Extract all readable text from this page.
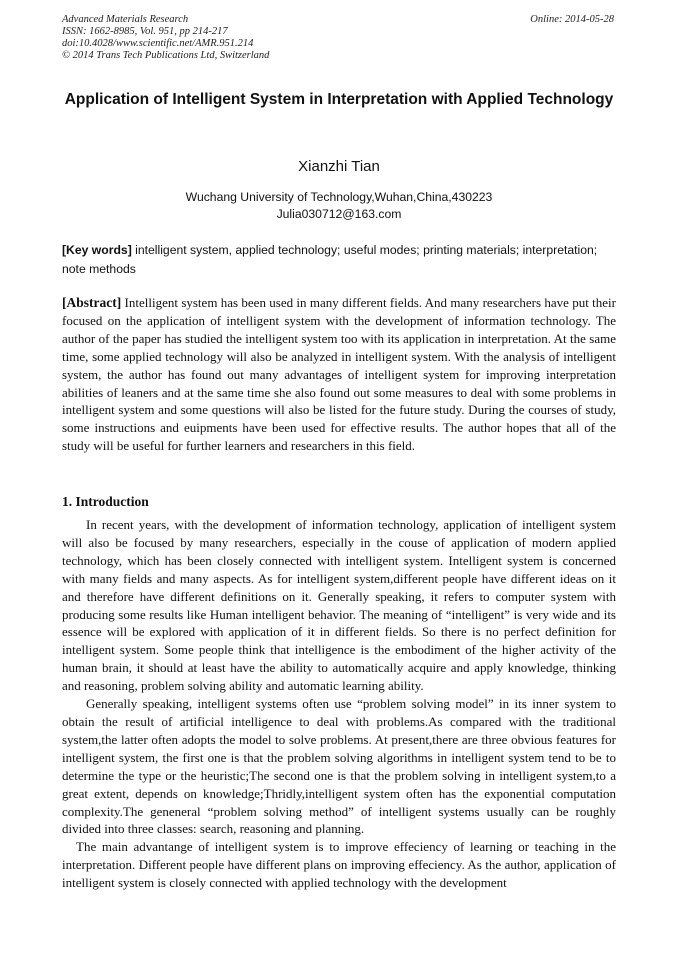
Advanced Materials Research
ISSN: 1662-8985, Vol. 951, pp 214-217
doi:10.4028/www.scientific.net/AMR.951.214
© 2014 Trans Tech Publications Ltd, Switzerland
Online: 2014-05-28
Application of Intelligent System in Interpretation with Applied Technology
Xianzhi Tian
Wuchang University of Technology,Wuhan,China,430223
Julia030712@163.com
[Key words] intelligent system, applied technology; useful modes; printing materials; interpretation; note methods
[Abstract] Intelligent system has been used in many different fields. And many researchers have put their focused on the application of intelligent system with the development of information technology. The author of the paper has studied the intelligent system too with its application in interpretation. At the same time, some applied technology will also be analyzed in intelligent system. With the analysis of intelligent system, the author has found out many advantages of intelligent system for improving interpretation abilities of leaners and at the same time she also found out some measures to deal with some problems in intelligent system and some questions will also be listed for the future study. During the courses of study, some instructions and euipments have been used for effective results. The author hopes that all of the study will be useful for further learners and researchers in this field.
1. Introduction

In recent years, with the development of information technology, application of intelligent system will also be focused by many researchers, especially in the couse of application of modern applied technology, which has been closely connected with intelligent system. Intelligent system is concerned with many fields and many aspects. As for intelligent system,different people have different ideas on it and therefore have different definitions on it. Generally speaking, it refers to computer system with producing some results like Human intelligent behavior. The meaning of “intelligent” is very wide and its essence will be explored with application of it in different fields. So there is no perfect definition for intelligent system. Some people think that intelligence is the embodiment of the higher activity of the human brain, it should at least have the ability to automatically acquire and apply knowledge, thinking and reasoning, problem solving ability and automatic learning ability.

Generally speaking, intelligent systems often use “problem solving model” in its inner system to obtain the result of artificial intelligence to deal with problems.As compared with the traditional system,the latter often adopts the model to solve problems. At present,there are three obvious features for intelligent system, the first one is that the problem solving algorithms in intelligent system tend to be to determine the type or the heuristic;The second one is that the problem solving in intelligent system,to a great extent, depends on knowledge;Thridly,intelligent system often has the exponential computation complexity.The geneneral “problem solving method” of intelligent systems usually can be roughly divided into three classes: search, reasoning and planning.

The main advantange of intelligent system is to improve effeciency of learning or teaching in the interpretation. Different people have different plans on improving effeciency. As the author, application of intelligent system is closely connected with applied technology with the development
